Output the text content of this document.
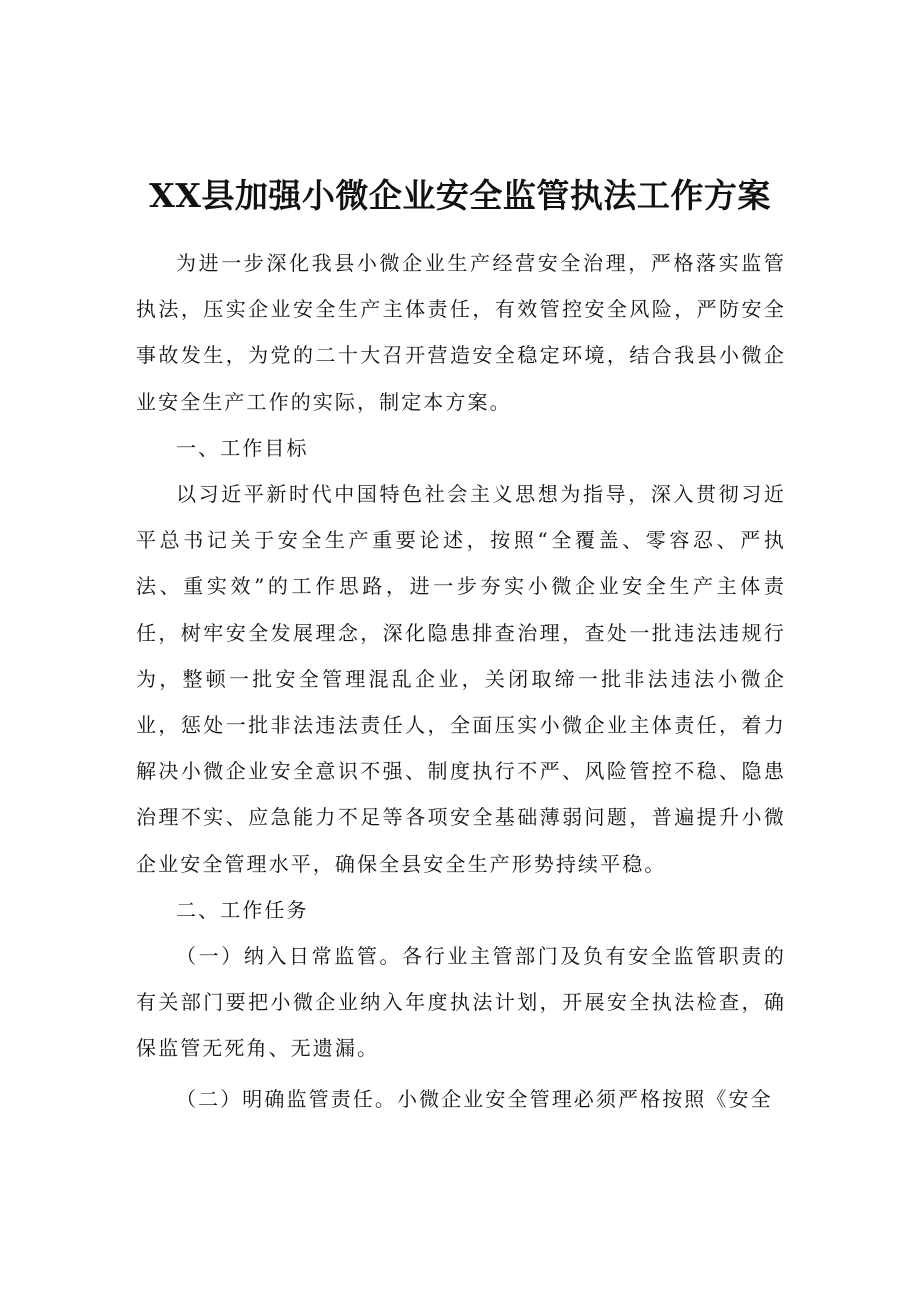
XX县加强小微企业安全监管执法工作方案

为进一步深化我县小微企业生产经营安全治理，严格落实监管执法，压实企业安全生产主体责任，有效管控安全风险，严防安全事故发生，为党的二十大召开营造安全稳定环境，结合我县小微企业安全生产工作的实际，制定本方案。

一、工作目标

以习近平新时代中国特色社会主义思想为指导，深入贯彻习近平总书记关于安全生产重要论述，按照“全覆盖、零容忍、严执法、重实效”的工作思路，进一步夯实小微企业安全生产主体责任，树牢安全发展理念，深化隐患排查治理，查处一批违法违规行为，整顿一批安全管理混乱企业，关闭取缔一批非法违法小微企业，惩处一批非法违法责任人，全面压实小微企业主体责任，着力解决小微企业安全意识不强、制度执行不严、风险管控不稳、隐患治理不实、应急能力不足等各项安全基础薄弱问题，普遍提升小微企业安全管理水平，确保全县安全生产形势持续平稳。

二、工作任务

（一）纳入日常监管。各行业主管部门及负有安全监管职责的有关部门要把小微企业纳入年度执法计划，开展安全执法检查，确保监管无死角、无遗漏。

（二）明确监管责任。小微企业安全管理必须严格按照《安全
